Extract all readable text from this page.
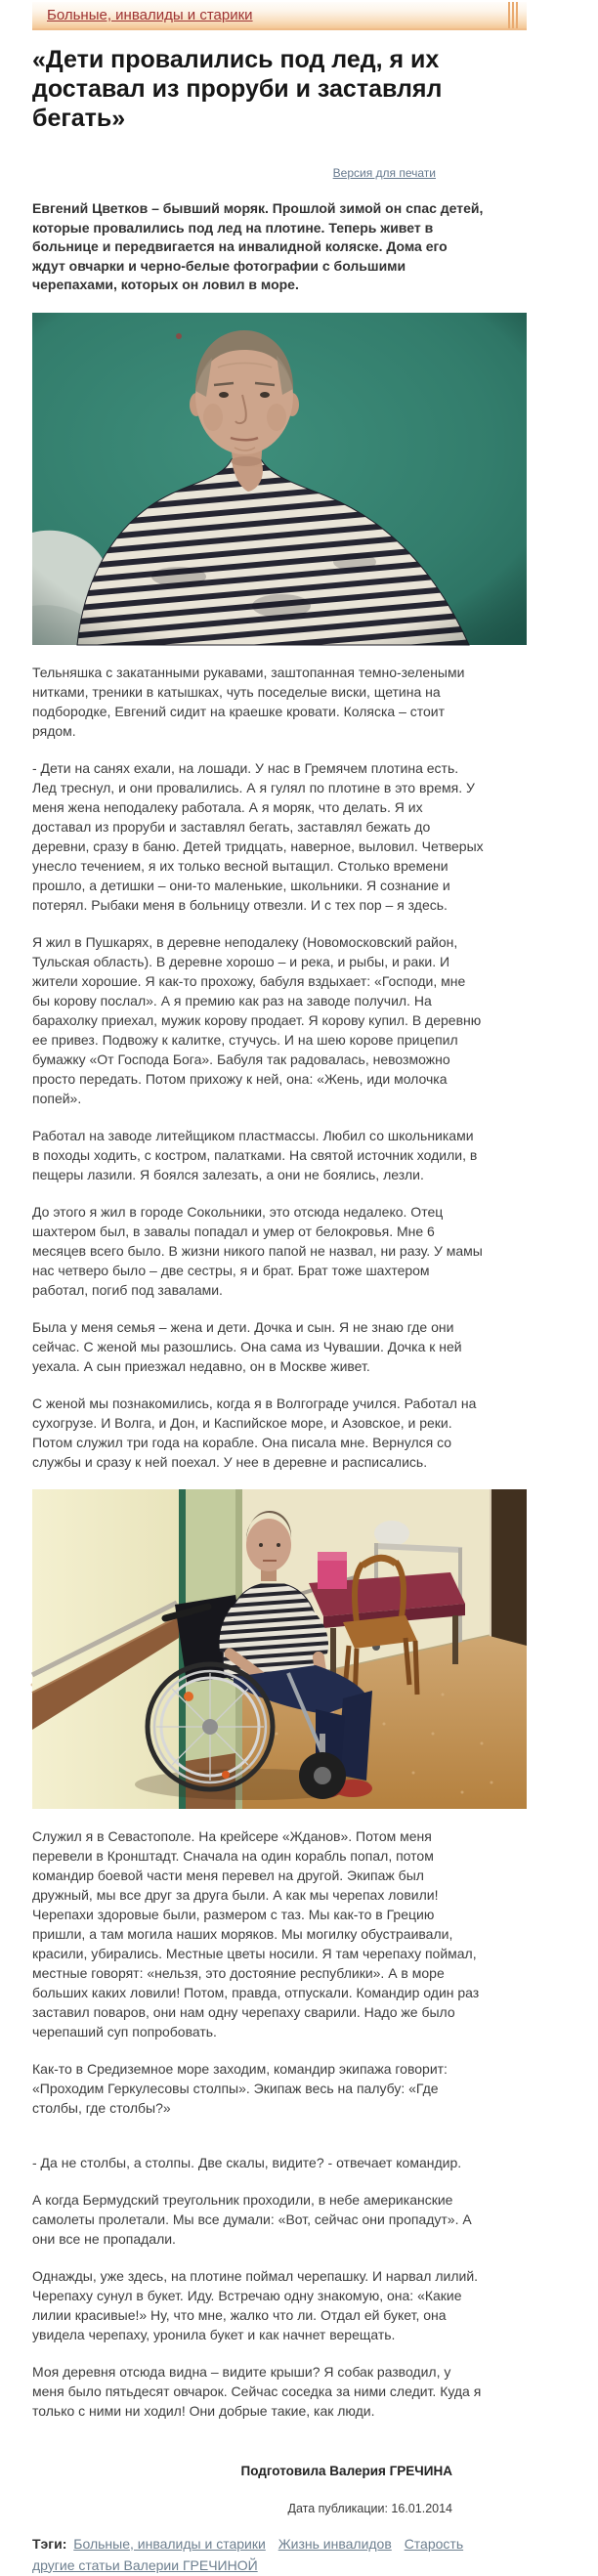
Больные, инвалиды и старики
«Дети провалились под лед, я их доставал из проруби и заставлял бегать»
Версия для печати

Евгений Цветков – бывший моряк. Прошлой зимой он спас детей, которые провалились под лед на плотине. Теперь живет в больнице и передвигается на инвалидной коляске. Дома его ждут овчарки и черно-белые фотографии с большими черепахами, которых он ловил в море.

Тельняшка с закатанными рукавами, заштопанная темно-зелеными нитками, треники в катышках, чуть поседелые виски, щетина на подбородке, Евгений сидит на краешке кровати. Коляска – стоит рядом.

- Дети на санях ехали, на лошади. У нас в Гремячем плотина есть. Лед треснул, и они провалились. А я гулял по плотине в это время. У меня жена неподалеку работала. А я моряк, что делать. Я их доставал из проруби и заставлял бегать, заставлял бежать до деревни, сразу в баню. Детей тридцать, наверное, выловил. Четверых унесло течением, я их только весной вытащил. Столько времени прошло, а детишки – они-то маленькие, школьники. Я сознание и потерял. Рыбаки меня в больницу отвезли. И с тех пор – я здесь.

Я жил в Пушкарях, в деревне неподалеку (Новомосковский район, Тульская область). В деревне хорошо – и река, и рыбы, и раки. И жители хорошие. Я как-то прохожу, бабуля вздыхает: «Господи, мне бы корову послал». А я премию как раз на заводе получил. На барахолку приехал, мужик корову продает. Я корову купил. В деревню ее привез. Подвожу к калитке, стучусь. И на шею корове прицепил бумажку «От Господа Бога». Бабуля так радовалась, невозможно просто передать. Потом прихожу к ней, она: «Жень, иди молочка попей».

Работал на заводе литейщиком пластмассы. Любил со школьниками в походы ходить, с костром, палатками. На святой источник ходили, в пещеры лазили. Я боялся залезать, а они не боялись, лезли.

До этого я жил в городе Сокольники, это отсюда недалеко. Отец шахтером был, в завалы попадал и умер от белокровья. Мне 6 месяцев всего было. В жизни никого папой не назвал, ни разу. У мамы нас четверо было – две сестры, я и брат. Брат тоже шахтером работал, погиб под завалами.

Была у меня семья – жена и дети. Дочка и сын. Я не знаю где они сейчас. С женой мы разошлись. Она сама из Чувашии. Дочка к ней уехала. А сын приезжал недавно, он в Москве живет.

С женой мы познакомились, когда я в Волгограде учился. Работал на сухогрузе. И Волга, и Дон, и Каспийское море, и Азовское, и реки. Потом служил три года на корабле. Она писала мне. Вернулся со службы и сразу к ней поехал. У нее в деревне и расписались.

Служил я в Севастополе. На крейсере «Жданов». Потом меня перевели в Кронштадт. Сначала на один корабль попал, потом командир боевой части меня перевел на другой. Экипаж был дружный, мы все друг за друга были. А как мы черепах ловили! Черепахи здоровые были, размером с таз. Мы как-то в Грецию пришли, а там могила наших моряков. Мы могилку обустраивали, красили, убирались. Местные цветы носили. Я там черепаху поймал, местные говорят: «нельзя, это достояние республики». А в море больших каких ловили! Потом, правда, отпускали. Командир один раз заставил поваров, они нам одну черепаху сварили. Надо же было черепаший суп попробовать.

Как-то в Средиземное море заходим, командир экипажа говорит: «Проходим Геркулесовы столпы». Экипаж весь на палубу: «Где столбы, где столбы?»

- Да не столбы, а столпы. Две скалы, видите? - отвечает командир.

А когда Бермудский треугольник проходили, в небе американские самолеты пролетали. Мы все думали: «Вот, сейчас они пропадут». А они все не пропадали.

Однажды, уже здесь, на плотине поймал черепашку. И нарвал лилий. Черепаху сунул в букет. Иду. Встречаю одну знакомую, она: «Какие лилии красивые!» Ну, что мне, жалко что ли. Отдал ей букет, она увидела черепаху, уронила букет и как начнет верещать.

Моя деревня отсюда видна – видите крыши? Я собак разводил, у меня было пятьдесят овчарок. Сейчас соседка за ними следит. Куда я только с ними ни ходил! Они добрые такие, как люди.

Подготовила Валерия ГРЕЧИНА
Дата публикации: 16.01.2014
Тэги: Больные, инвалиды и старики Жизнь инвалидов Старость другие статьи Валерии ГРЕЧИНОЙ
